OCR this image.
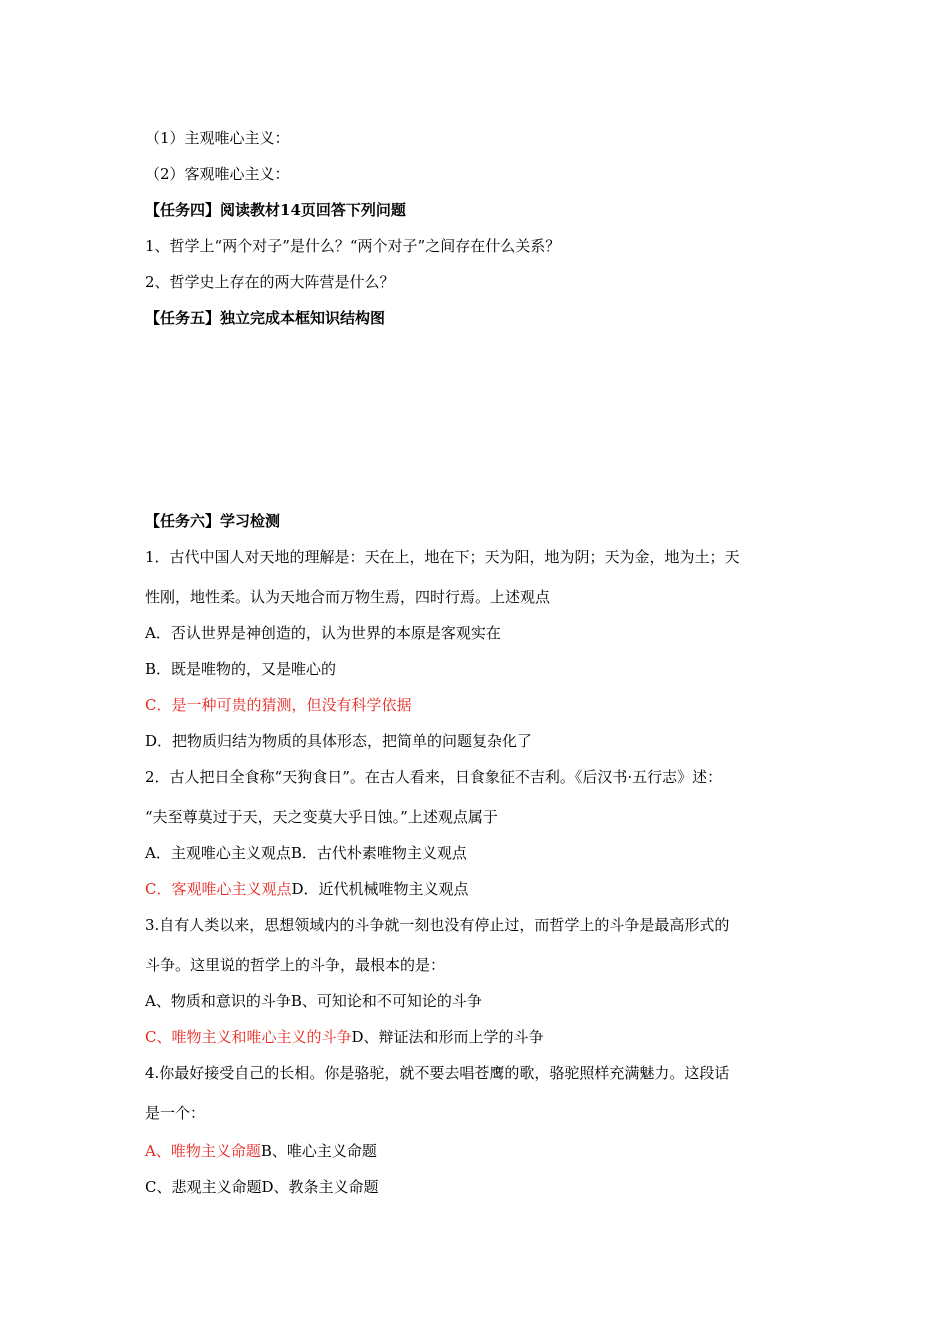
（1）主观唯心主义：
（2）客观唯心主义：
【任务四】阅读教材14页回答下列问题
1、哲学上“两个对子”是什么？“两个对子”之间存在什么关系？
2、哲学史上存在的两大阵营是什么？
【任务五】独立完成本框知识结构图
【任务六】学习检测
1．古代中国人对天地的理解是：天在上，地在下；天为阳，地为阴；天为金，地为土；天
性刚，地性柔。认为天地合而万物生焉，四时行焉。上述观点
A．否认世界是神创造的，认为世界的本原是客观实在
B．既是唯物的，又是唯心的
C．是一种可贵的猜测，但没有科学依据
D．把物质归结为物质的具体形态，把简单的问题复杂化了
2．古人把日全食称“天狗食日”。在古人看来，日食象征不吉利。《后汉书·五行志》述：
“夫至尊莫过于天，天之变莫大乎日蚀。”上述观点属于
A．主观唯心主义观点B．古代朴素唯物主义观点
C．客观唯心主义观点D．近代机械唯物主义观点
3.自有人类以来，思想领域内的斗争就一刻也没有停止过，而哲学上的斗争是最高形式的
斗争。这里说的哲学上的斗争，最根本的是：
A、物质和意识的斗争B、可知论和不可知论的斗争
C、唯物主义和唯心主义的斗争D、辩证法和形而上学的斗争
4.你最好接受自己的长相。你是骆驼，就不要去唱苍鹰的歌，骆驼照样充满魅力。这段话
是一个：
A、唯物主义命题B、唯心主义命题
C、悲观主义命题D、教条主义命题
